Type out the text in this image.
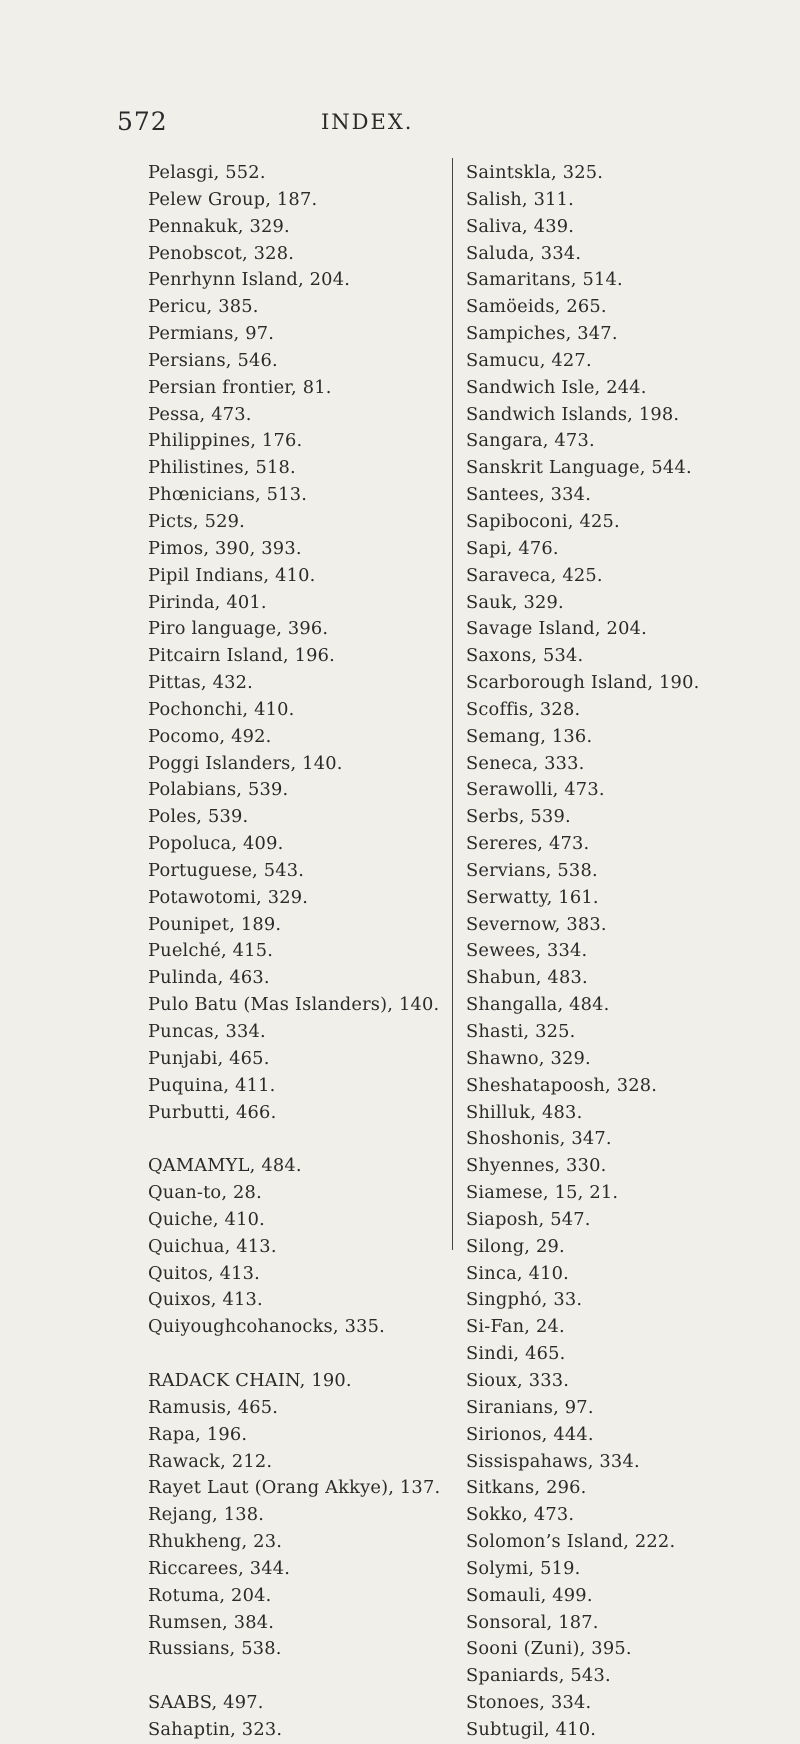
572	INDEX.
Pelasgi, 552.
Pelew Group, 187.
Pennakuk, 329.
Penobscot, 328.
Penrhynn Island, 204.
Pericu, 385.
Permians, 97.
Persians, 546.
Persian frontier, 81.
Pessa, 473.
Philippines, 176.
Philistines, 518.
Phœnicians, 513.
Picts, 529.
Pimos, 390, 393.
Pipil Indians, 410.
Pirinda, 401.
Piro language, 396.
Pitcairn Island, 196.
Pittas, 432.
Pochonchi, 410.
Pocomo, 492.
Poggi Islanders, 140.
Polabians, 539.
Poles, 539.
Popoluca, 409.
Portuguese, 543.
Potawotomi, 329.
Pounipet, 189.
Puelché, 415.
Pulinda, 463.
Pulo Batu (Mas Islanders), 140.
Puncas, 334.
Punjabi, 465.
Puquina, 411.
Purbutti, 466.
QAMAMYL, 484.
Quan-to, 28.
Quiche, 410.
Quichua, 413.
Quitos, 413.
Quixos, 413.
Quiyoughcohanocks, 335.
RADACK CHAIN, 190.
Ramusis, 465.
Rapa, 196.
Rawack, 212.
Rayet Laut (Orang Akkye), 137.
Rejang, 138.
Rhukheng, 23.
Riccarees, 344.
Rotuma, 204.
Rumsen, 384.
Russians, 538.
SAABS, 497.
Sahaptin, 323.
Saintskla, 325.
Salish, 311.
Saliva, 439.
Saluda, 334.
Samaritans, 514.
Samöeids, 265.
Sampiches, 347.
Samucu, 427.
Sandwich Isle, 244.
Sandwich Islands, 198.
Sangara, 473.
Sanskrit Language, 544.
Santees, 334.
Sapiboconi, 425.
Sapi, 476.
Saraveca, 425.
Sauk, 329.
Savage Island, 204.
Saxons, 534.
Scarborough Island, 190.
Scoffis, 328.
Semang, 136.
Seneca, 333.
Serawolli, 473.
Serbs, 539.
Sereres, 473.
Servians, 538.
Serwatty, 161.
Severnow, 383.
Sewees, 334.
Shabun, 483.
Shangalla, 484.
Shasti, 325.
Shawno, 329.
Sheshatapoosh, 328.
Shilluk, 483.
Shoshonis, 347.
Shyennes, 330.
Siamese, 15, 21.
Siaposh, 547.
Silong, 29.
Sinca, 410.
Singphó, 33.
Si-Fan, 24.
Sindi, 465.
Sioux, 333.
Siranians, 97.
Sirionos, 444.
Sissispahaws, 334.
Sitkans, 296.
Sokko, 473.
Solomon’s Island, 222.
Solymi, 519.
Somauli, 499.
Sonsoral, 187.
Sooni (Zuni), 395.
Spaniards, 543.
Stonoes, 334.
Subtugil, 410.
